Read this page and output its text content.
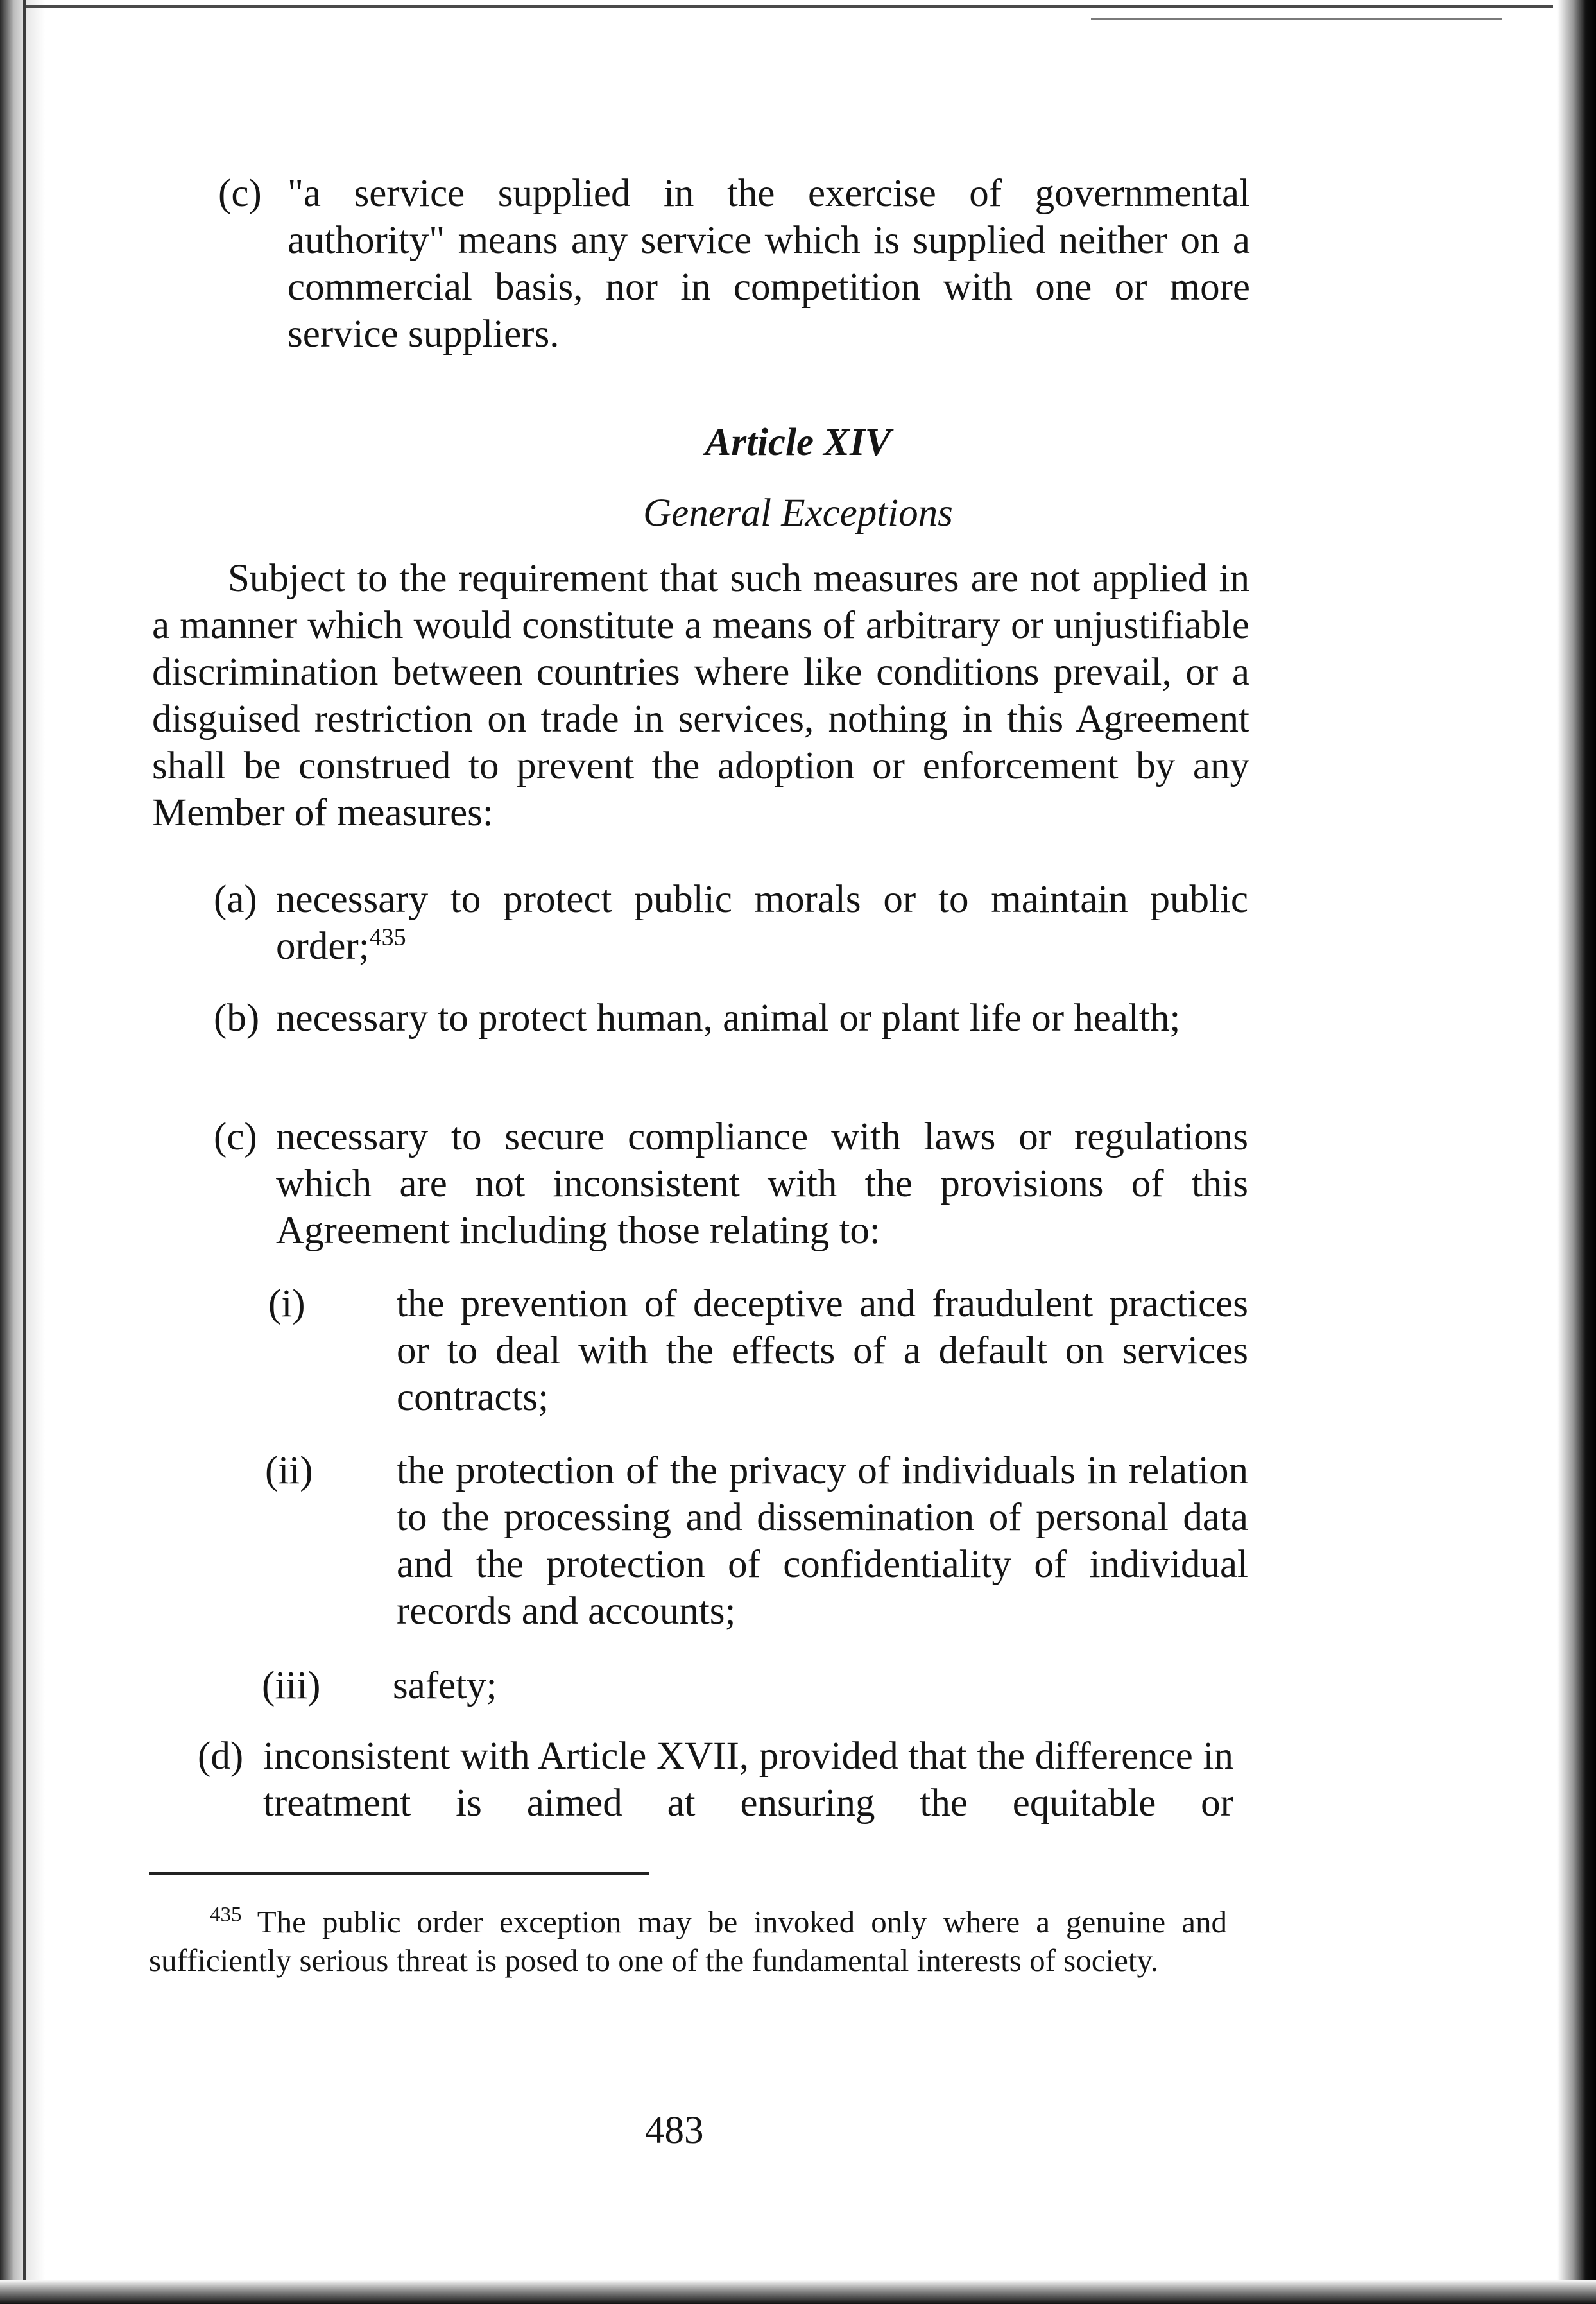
(c) "a service supplied in the exercise of governmental authority" means any service which is supplied neither on a commercial basis, nor in competition with one or more service suppliers.

Article XIV

General Exceptions

Subject to the requirement that such measures are not applied in a manner which would constitute a means of arbitrary or unjustifiable discrimination between countries where like conditions prevail, or a disguised restriction on trade in services, nothing in this Agreement shall be construed to prevent the adoption or enforcement by any Member of measures:

(a) necessary to protect public morals or to maintain public order;$^{435}$

(b) necessary to protect human, animal or plant life or health;

(c) necessary to secure compliance with laws or regulations which are not inconsistent with the provisions of this Agreement including those relating to:

(i) the prevention of deceptive and fraudulent practices or to deal with the effects of a default on services contracts;

(ii) the protection of the privacy of individuals in relation to the processing and dissemination of personal data and the protection of confidentiality of individual records and accounts;

(iii) safety;

(d) inconsistent with Article XVII, provided that the difference in treatment is aimed at ensuring the equitable or

$^{435}$ The public order exception may be invoked only where a genuine and sufficiently serious threat is posed to one of the fundamental interests of society.

483
